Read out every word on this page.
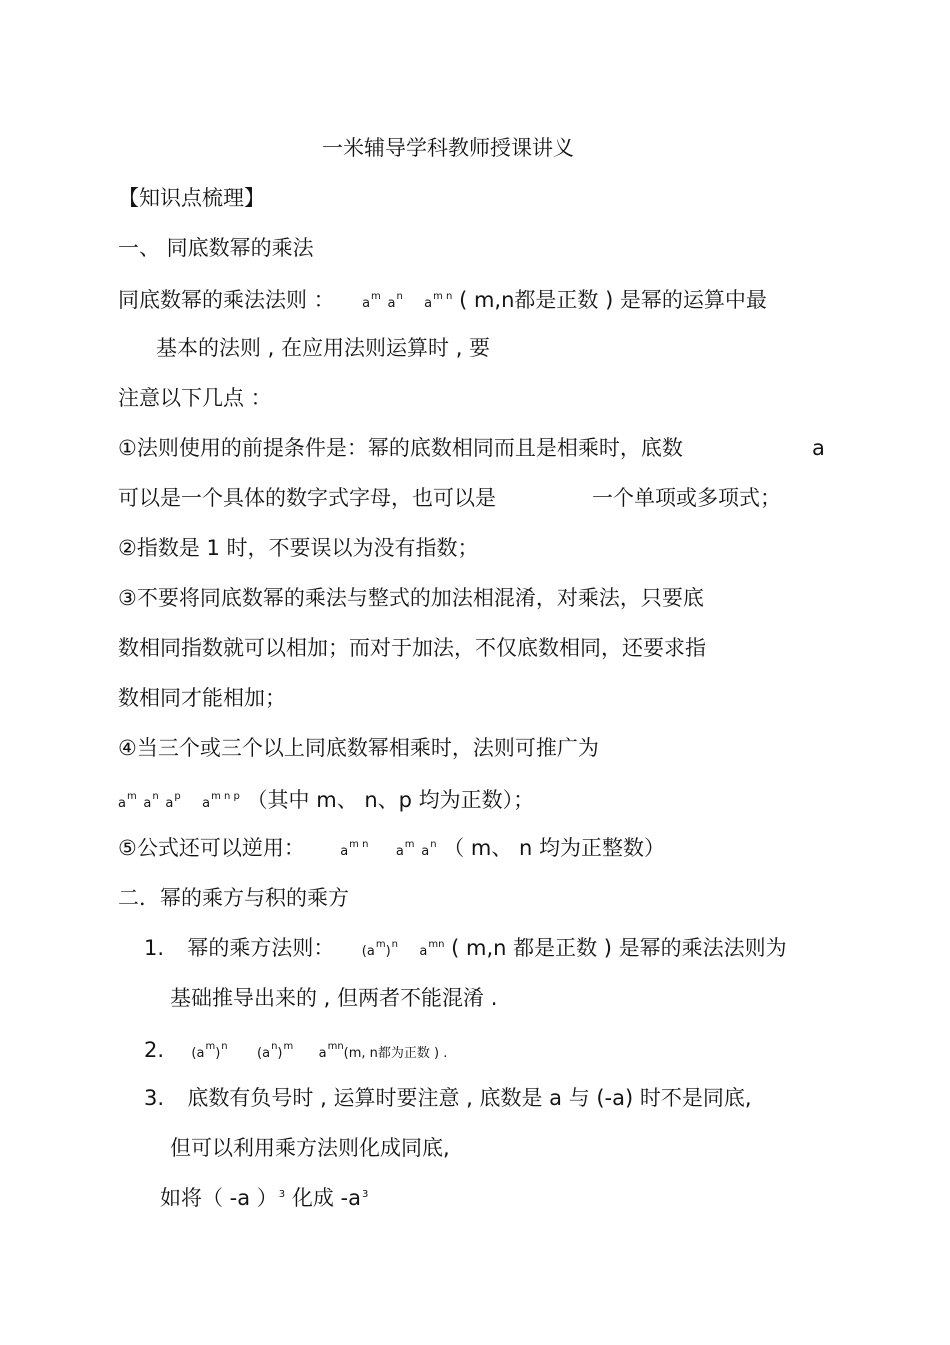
一米辅导学科教师授课讲义
【知识点梳理】
一、 同底数幂的乘法
同底数幂的乘法法则 ： $a^m$ $a^n$ $a^{m n}$ ( m,n都是正数 ) 是幂的运算中最
基本的法则 , 在应用法则运算时 , 要
注意以下几点 ：
①法则使用的前提条件是：幂的底数相同而且是相乘时，底数	a
可以是一个具体的数字式字母，也可以是	一个单项或多项式；
②指数是 1 时，不要误以为没有指数；
③不要将同底数幂的乘法与整式的加法相混淆，对乘法，只要底
数相同指数就可以相加；而对于加法，不仅底数相同，还要求指
数相同才能相加；
④当三个或三个以上同底数幂相乘时，法则可推广为
$a^m$ $a^n$ $a^p$ $a^{m n p}$ （其中 m、 n、p 均为正数）；
⑤公式还可以逆用：	$a^{m n}$ $a^m$ $a^n$ （ m、 n 均为正整数）
二．幂的乘方与积的乘方
1. 幂的乘方法则： $(a^m)^n$ $a^{mn}$ ( m,n 都是正数 ) 是幂的乘法法则为
基础推导出来的 , 但两者不能混淆 .
2. $(a^m)^n$ $(a^n)^m$ $a^{mn}(m$, n都为正数 ) .
3. 底数有负号时 , 运算时要注意 , 底数是 a 与 (-a) 时不是同底,
但可以利用乘方法则化成同底,
如将（ -a ）$^3$ 化成 $-a^3$
